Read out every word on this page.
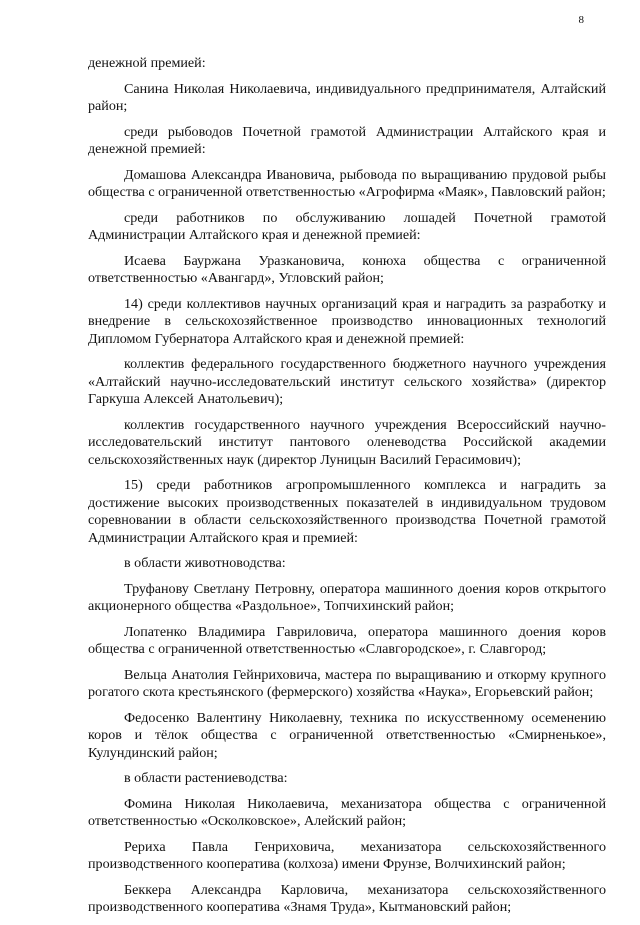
8

денежной премией:

Санина Николая Николаевича, индивидуального предпринимателя, Алтайский район;

среди рыбоводов Почетной грамотой Администрации Алтайского края и денежной премией:

Домашова Александра Ивановича, рыбовода по выращиванию прудовой рыбы общества с ограниченной ответственностью «Агрофирма «Маяк», Павловский район;

среди работников по обслуживанию лошадей Почетной грамотой Администрации Алтайского края и денежной премией:

Исаева Бауржана Уразкановича, конюха общества с ограниченной ответственностью «Авангард», Угловский район;

14) среди коллективов научных организаций края и наградить за разработку и внедрение в сельскохозяйственное производство инновационных технологий Дипломом Губернатора Алтайского края и денежной премией:

коллектив федерального государственного бюджетного научного учреждения «Алтайский научно-исследовательский институт сельского хозяйства» (директор Гаркуша Алексей Анатольевич);

коллектив государственного научного учреждения Всероссийский научно-исследовательский институт пантового оленеводства Российской академии сельскохозяйственных наук (директор Луницын Василий Герасимович);

15) среди работников агропромышленного комплекса и наградить за достижение высоких производственных показателей в индивидуальном трудовом соревновании в области сельскохозяйственного производства Почетной грамотой Администрации Алтайского края и премией:

в области животноводства:

Труфанову Светлану Петровну, оператора машинного доения коров открытого акционерного общества «Раздольное», Топчихинский район;

Лопатенко Владимира Гавриловича, оператора машинного доения коров общества с ограниченной ответственностью «Славгородское», г. Славгород;

Вельца Анатолия Гейнриховича, мастера по выращиванию и откорму крупного рогатого скота крестьянского (фермерского) хозяйства «Наука», Егорьевский район;

Федосенко Валентину Николаевну, техника по искусственному осеменению коров и тёлок общества с ограниченной ответственностью «Смирненькое», Кулундинский район;

в области растениеводства:

Фомина Николая Николаевича, механизатора общества с ограниченной ответственностью «Осколковское», Алейский район;

Рериха Павла Генриховича, механизатора сельскохозяйственного производственного кооператива (колхоза) имени Фрунзе, Волчихинский район;

Беккера Александра Карловича, механизатора сельскохозяйственного производственного кооператива «Знамя Труда», Кытмановский район;
